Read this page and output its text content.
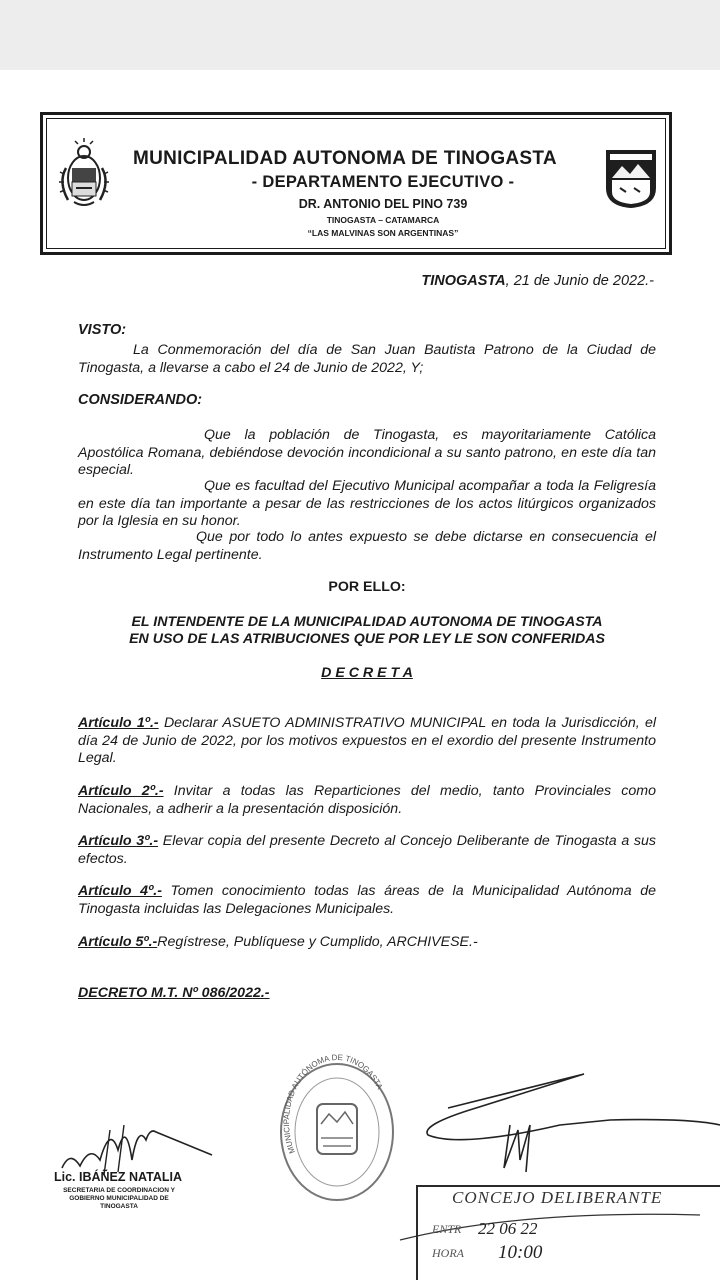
MUNICIPALIDAD AUTONOMA DE TINOGASTA
- DEPARTAMENTO EJECUTIVO -
DR. ANTONIO DEL PINO 739
TINOGASTA – CATAMARCA
“LAS MALVINAS SON ARGENTINAS”
TINOGASTA, 21 de Junio de 2022.-
VISTO:
La Conmemoración del día de San Juan Bautista Patrono de la Ciudad de Tinogasta, a llevarse a cabo el 24 de Junio de 2022, Y;
CONSIDERANDO:
Que la población de Tinogasta, es mayoritariamente Católica Apostólica Romana, debiéndose devoción incondicional a su santo patrono, en este día tan especial.
Que es facultad del Ejecutivo Municipal acompañar a toda la Feligresía en este día tan importante a pesar de las restricciones de los actos litúrgicos organizados por la Iglesia en su honor.
Que por todo lo antes expuesto se debe dictarse en consecuencia el Instrumento Legal pertinente.
POR ELLO:
EL INTENDENTE DE LA MUNICIPALIDAD AUTONOMA DE TINOGASTA
EN USO DE LAS ATRIBUCIONES QUE POR LEY LE SON CONFERIDAS
D E C R E T A
Artículo 1º.- Declarar ASUETO ADMINISTRATIVO MUNICIPAL en toda la Jurisdicción, el día 24 de Junio de 2022, por los motivos expuestos en el exordio del presente Instrumento Legal.
Artículo 2º.- Invitar a todas las Reparticiones del medio, tanto Provinciales como Nacionales, a adherir a la presentación disposición.
Artículo 3º.- Elevar copia del presente Decreto al Concejo Deliberante de Tinogasta a sus efectos.
Artículo 4º.- Tomen conocimiento todas las áreas de la Municipalidad Autónoma de Tinogasta incluidas las Delegaciones Municipales.
Artículo 5º.-Regístrese, Publíquese y Cumplido, ARCHIVESE.-
DECRETO M.T. Nº 086/2022.-
Lic. IBÁÑEZ NATALIA
SECRETARIA DE COORDINACION Y GOBIERNO MUNICIPALIDAD DE TINOGASTA
MUNICIPALIDAD AUTÓNOMA DE TINOGASTA
CONCEJO DELIBERANTE
ENTR 22 06 22
HORA 10:00
